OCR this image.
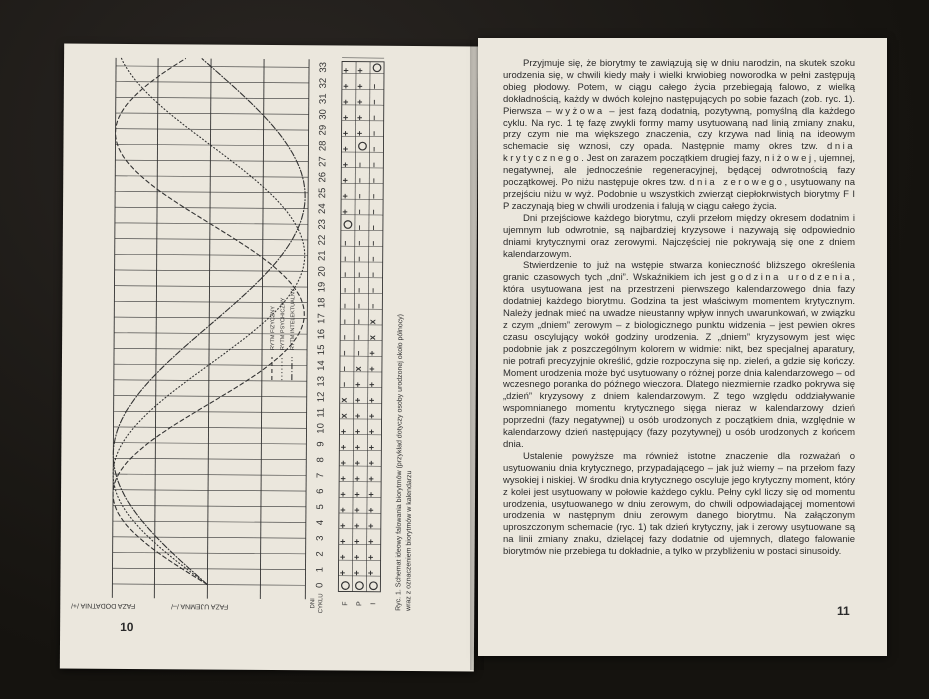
FAZA DODATNIA /+/	FAZA UJEMNA /–/
RYTM FIZYCZNY RYTM PSYCHICZNY RYTM INTELEKTUALNY
0
1
2
3
4
5
6
7
8
9
10
11
12
13
14
15
16
17
18
19
20
21
22
23
24
25
26
27
28
29
30
31
32
33
DNI CYKLU
+
+
+
+
+
+
+
+
+
+
x
x
–
–
–
–
–
–
–
–
–
–
+
+
+
+
+
+
+
+
+
+
+
+
+
+
+
+
+
+
+
+
+
+
+
x
–
–
–
–
–
–
–
–
–
–
–
–
–
+
+
+
+
+
+
+
+
+
+
+
+
+
+
+
+
+
+
+
+
x
x
–
–
–
–
–
–
–
–
–
–
–
–
–
–
–
F P I	Ryc. 1. Schemat ideowy falowania biorytmów (przykład dotyczy osoby urodzonej około północy) wraz z oznaczeniem biorytmów w kalendarzu
10

Przyjmuje się, że biorytmy te zawiązują się w dniu narodzin, na skutek szoku urodzenia się, w chwili kiedy mały i wielki krwiobieg noworodka w pełni zastępują obieg płodowy. Potem, w ciągu całego życia przebiegają falowo, z wielką dokładnością, każdy w dwóch kolejno następujących po sobie fazach (zob. ryc. 1). Pierwsza – wyżowa – jest fazą dodatnią, pozytywną, pomyślną dla każdego cyklu. Na ryc. 1 tę fazę zwykli formy mamy usytuowaną nad linią zmiany znaku, przy czym nie ma większego znaczenia, czy krzywa nad linią na ideowym schemacie się wznosi, czy opada. Następnie mamy okres tzw. dnia krytycznego. Jest on zarazem początkiem drugiej fazy, niżowej, ujemnej, negatywnej, ale jednocześnie regeneracyjnej, będącej odwrotnością fazy początkowej. Po niżu następuje okres tzw. dnia zerowego, usytuowany na przejściu niżu w wyż. Podobnie u wszystkich zwierząt ciepłokrwistych biorytmy F I P zaczynają bieg w chwili urodzenia i falują w ciągu całego życia.

Dni przejściowe każdego biorytmu, czyli przełom między okresem dodatnim i ujemnym lub odwrotnie, są najbardziej kryzysowe i nazywają się odpowiednio dniami krytycznymi oraz zerowymi. Najczęściej nie pokrywają się one z dniem kalendarzowym.

Stwierdzenie to już na wstępie stwarza konieczność bliższego określenia granic czasowych tych „dni”. Wskaźnikiem ich jest godzina urodzenia, która usytuowana jest na przestrzeni pierwszego kalendarzowego dnia fazy dodatniej każdego biorytmu. Godzina ta jest właściwym momentem krytycznym. Należy jednak mieć na uwadze nieustanny wpływ innych uwarunkowań, w związku z czym „dniem” zerowym – z biologicznego punktu widzenia – jest pewien okres czasu oscylujący wokół godziny urodzenia. Z „dniem” kryzysowym jest więc podobnie jak z poszczególnym kolorem w widmie: nikt, bez specjalnej aparatury, nie potrafi precyzyjnie określić, gdzie rozpoczyna się np. zieleń, a gdzie się kończy. Moment urodzenia może być usytuowany o różnej porze dnia kalendarzowego – od wczesnego poranka do późnego wieczora. Dlatego niezmiernie rzadko pokrywa się „dzień” kryzysowy z dniem kalendarzowym. Z tego względu oddziaływanie wspomnianego momentu krytycznego sięga nieraz w kalendarzowy dzień poprzedni (fazy negatywnej) u osób urodzonych z początkiem dnia, względnie w kalendarzowy dzień następujący (fazy pozytywnej) u osób urodzonych z końcem dnia.

Ustalenie powyższe ma również istotne znaczenie dla rozważań o usytuowaniu dnia krytycznego, przypadającego – jak już wiemy – na przełom fazy wysokiej i niskiej. W środku dnia krytycznego oscyluje jego krytyczny moment, który z kolei jest usytuowany w połowie każdego cyklu. Pełny cykl liczy się od momentu urodzenia, usytuowanego w dniu zerowym, do chwili odpowiadającej momentowi urodzenia w następnym dniu zerowym danego biorytmu. Na załączonym uproszczonym schemacie (ryc. 1) tak dzień krytyczny, jak i zerowy usytuowane są na linii zmiany znaku, dzielącej fazy dodatnie od ujemnych, dlatego falowanie biorytmów nie przebiega tu dokładnie, a tylko w przybliżeniu w postaci sinusoidy.

11
